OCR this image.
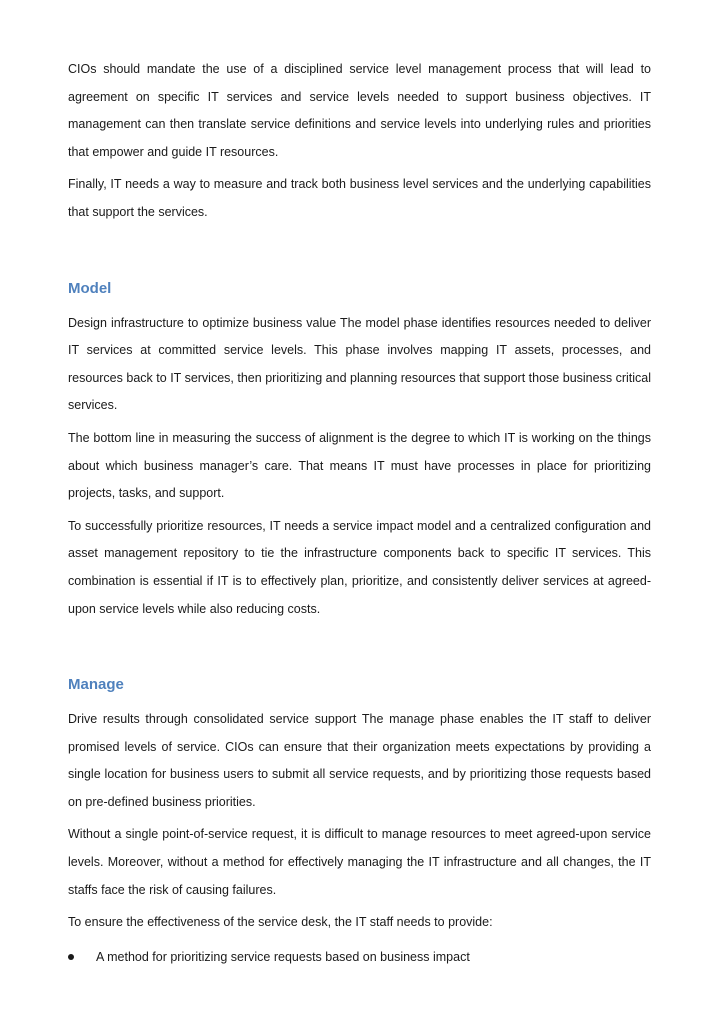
CIOs should mandate the use of a disciplined service level management process that will lead to agreement on specific IT services and service levels needed to support business objectives. IT management can then translate service definitions and service levels into underlying rules and priorities that empower and guide IT resources.

Finally, IT needs a way to measure and track both business level services and the underlying capabilities that support the services.

Model

Design infrastructure to optimize business value The model phase identifies resources needed to deliver IT services at committed service levels. This phase involves mapping IT assets, processes, and resources back to IT services, then prioritizing and planning resources that support those business critical services.

The bottom line in measuring the success of alignment is the degree to which IT is working on the things about which business manager’s care. That means IT must have processes in place for prioritizing projects, tasks, and support.

To successfully prioritize resources, IT needs a service impact model and a centralized configuration and asset management repository to tie the infrastructure components back to specific IT services. This combination is essential if IT is to effectively plan, prioritize, and consistently deliver services at agreed-upon service levels while also reducing costs.

Manage

Drive results through consolidated service support The manage phase enables the IT staff to deliver promised levels of service. CIOs can ensure that their organization meets expectations by providing a single location for business users to submit all service requests, and by prioritizing those requests based on pre-defined business priorities.

Without a single point-of-service request, it is difficult to manage resources to meet agreed-upon service levels. Moreover, without a method for effectively managing the IT infrastructure and all changes, the IT staffs face the risk of causing failures.

To ensure the effectiveness of the service desk, the IT staff needs to provide:

A method for prioritizing service requests based on business impact
